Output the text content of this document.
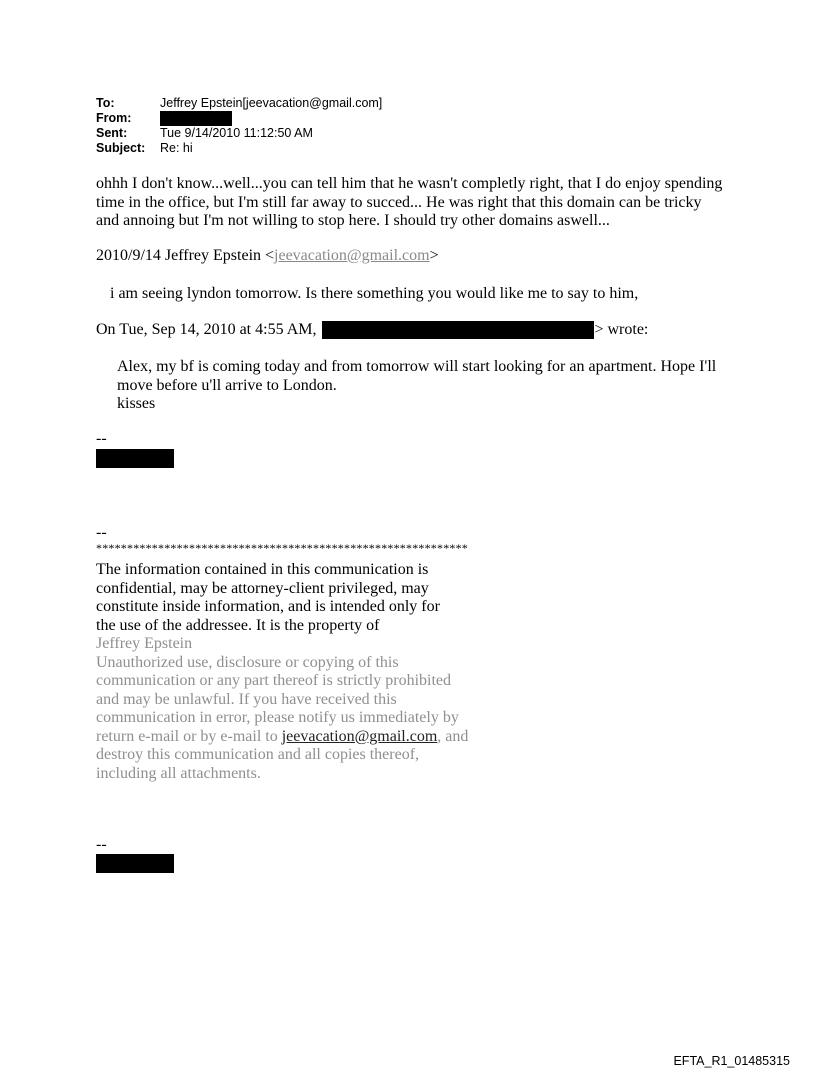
To:	Jeffrey Epstein[jeevacation@gmail.com]
From:
Sent:	Tue 9/14/2010 11:12:50 AM
Subject:	Re: hi
ohhh I don't know...well...you can tell him that he wasn't completly right, that I do enjoy spending
time in the office, but I'm still far away to succed... He was right that this domain can be tricky
and annoing but I'm not willing to stop here. I should try other domains aswell...
2010/9/14 Jeffrey Epstein <jeevacation@gmail.com>
i am seeing lyndon tomorrow. Is there something you would like me to say to him,
On Tue, Sep 14, 2010 at 4:55 AM,	> wrote:
Alex, my bf is coming today and from tomorrow will start looking for an apartment. Hope I'll
move before u'll arrive to London.
kisses
--
--
************************************************************
The information contained in this communication is
confidential, may be attorney-client privileged, may
constitute inside information, and is intended only for
the use of the addressee. It is the property of
Jeffrey Epstein
Unauthorized use, disclosure or copying of this
communication or any part thereof is strictly prohibited
and may be unlawful. If you have received this
communication in error, please notify us immediately by
return e-mail or by e-mail to jeevacation@gmail.com, and
destroy this communication and all copies thereof,
including all attachments.
--
EFTA_R1_01485315
